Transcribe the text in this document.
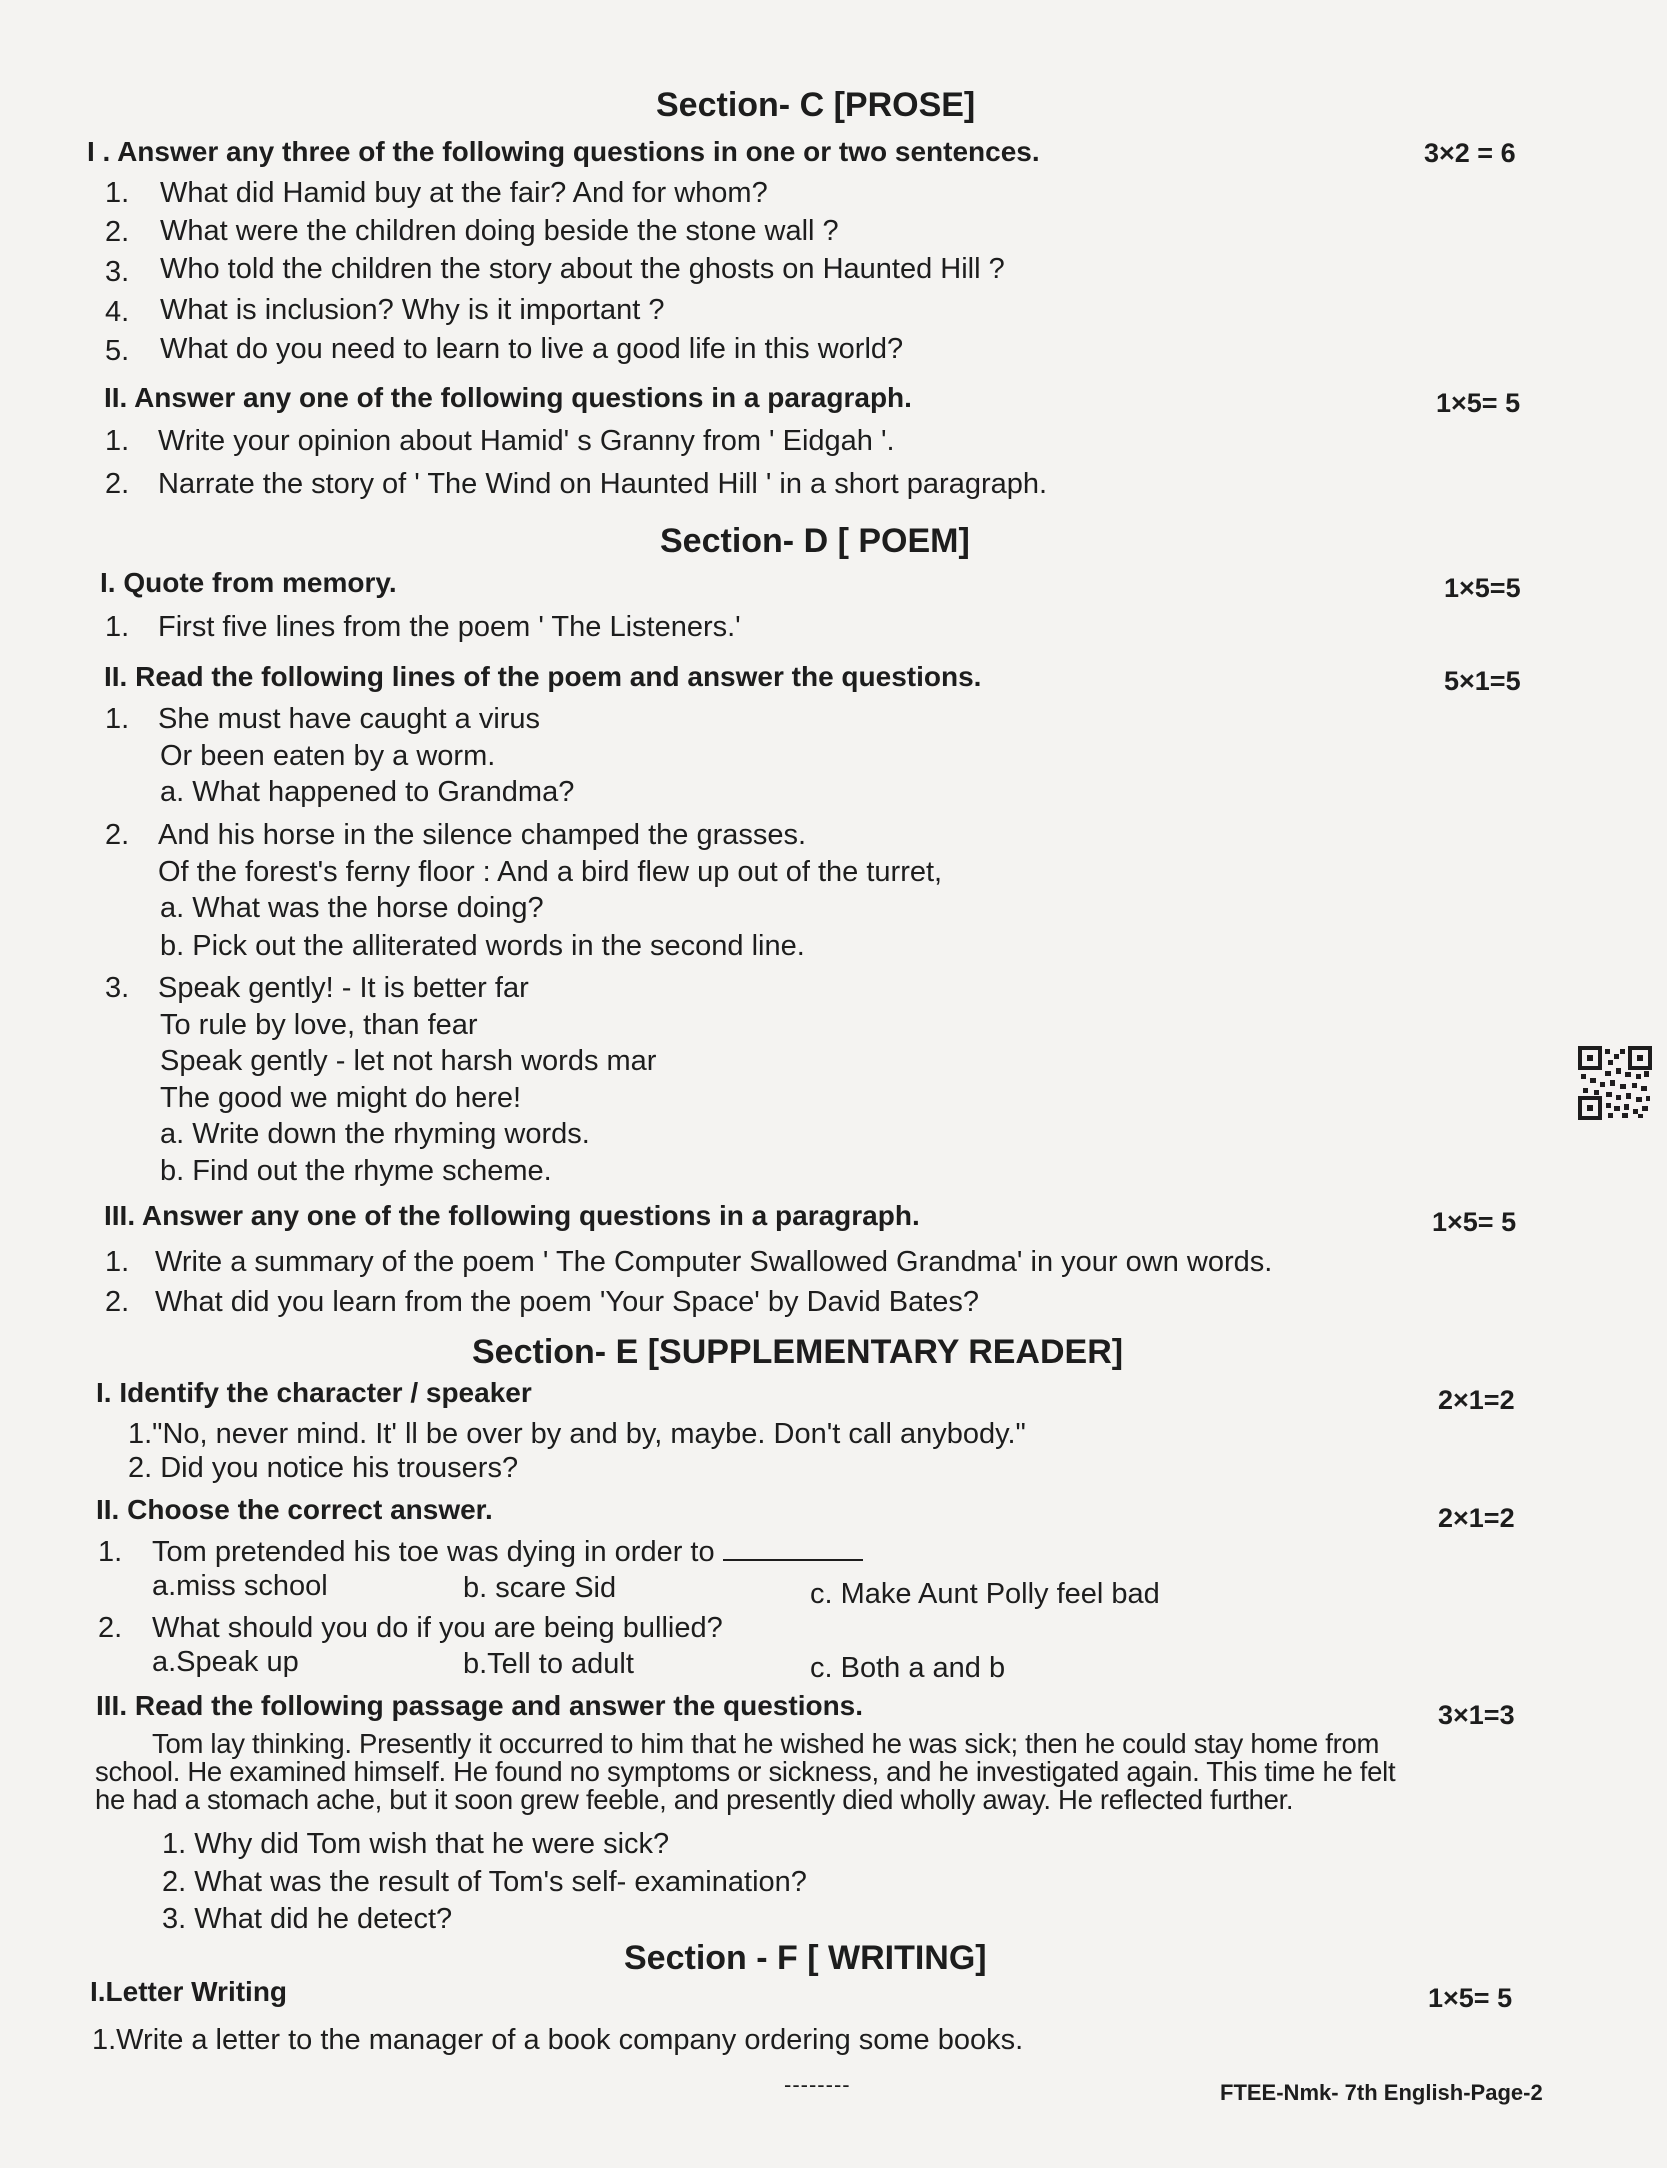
Section- C [PROSE]
I . Answer any three of the following questions in one or two sentences.	3×2 = 6
1. What did Hamid buy at the fair? And for whom?
2. What were the children doing beside the stone wall ?
3. Who told the children the story about the ghosts on Haunted Hill ?
4. What is inclusion? Why is it important ?
5. What do you need to learn to live a good life in this world?
II. Answer any one of the following questions in a paragraph.	1×5= 5
1. Write your opinion about Hamid' s Granny from ' Eidgah '.
2. Narrate the story of ' The Wind on Haunted Hill ' in a short paragraph.
Section- D [ POEM]
I. Quote from memory.	1×5=5
1. First five lines from the poem ' The Listeners.'
II. Read the following lines of the poem and answer the questions.	5×1=5
1. She must have caught a virus
Or been eaten by a worm.
a. What happened to Grandma?
2. And his horse in the silence champed the grasses.
Of the forest's ferny floor : And a bird flew up out of the turret,
a. What was the horse doing?
b. Pick out the alliterated words in the second line.
3. Speak gently! - It is better far
To rule by love, than fear
Speak gently - let not harsh words mar
The good we might do here!
a. Write down the rhyming words.
b. Find out the rhyme scheme.
III. Answer any one of the following questions in a paragraph.	1×5= 5
1. Write a summary of the poem ' The Computer Swallowed Grandma' in your own words.
2. What did you learn from the poem 'Your Space' by David Bates?
Section- E [SUPPLEMENTARY READER]
I. Identify the character / speaker	2×1=2
1."No, never mind. It' ll be over by and by, maybe. Don't call anybody."
2. Did you notice his trousers?
II. Choose the correct answer.	2×1=2
1. Tom pretended his toe was dying in order to
a.miss school	b. scare Sid	c. Make Aunt Polly feel bad
2. What should you do if you are being bullied?
a.Speak up	b.Tell to adult	c. Both a and b
III. Read the following passage and answer the questions.	3×1=3
Tom lay thinking. Presently it occurred to him that he wished he was sick; then he could stay home from
school. He examined himself. He found no symptoms or sickness, and he investigated again. This time he felt
he had a stomach ache, but it soon grew feeble, and presently died wholly away. He reflected further.
1. Why did Tom wish that he were sick?
2. What was the result of Tom's self- examination?
3. What did he detect?
Section - F [ WRITING]
I.Letter Writing	1×5= 5
1.Write a letter to the manager of a book company ordering some books.
--------	FTEE-Nmk- 7th English-Page-2
